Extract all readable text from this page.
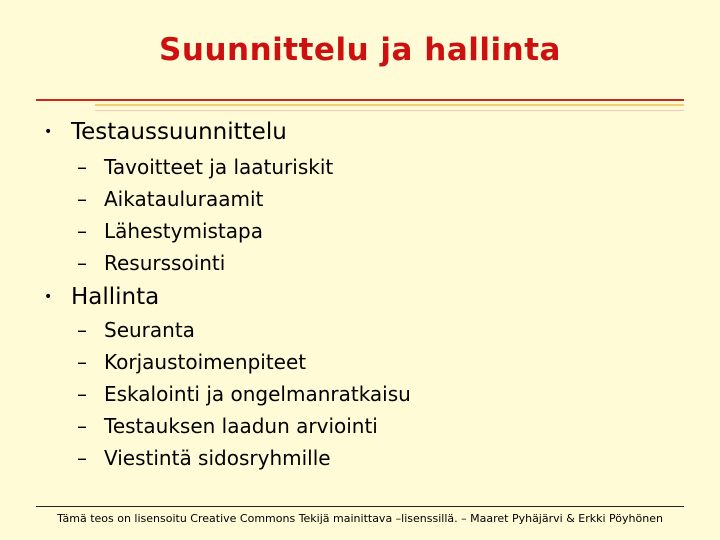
Suunnittelu ja hallinta
• Testaussuunnittelu
– Tavoitteet ja laaturiskit
– Aikatauluraamit
– Lähestymistapa
– Resurssointi
• Hallinta
– Seuranta
– Korjaustoimenpiteet
– Eskalointi ja ongelmanratkaisu
– Testauksen laadun arviointi
– Viestintä sidosryhmille
Tämä teos on lisensoitu Creative Commons Tekijä mainittava –lisenssillä. – Maaret Pyhäjärvi & Erkki Pöyhönen
